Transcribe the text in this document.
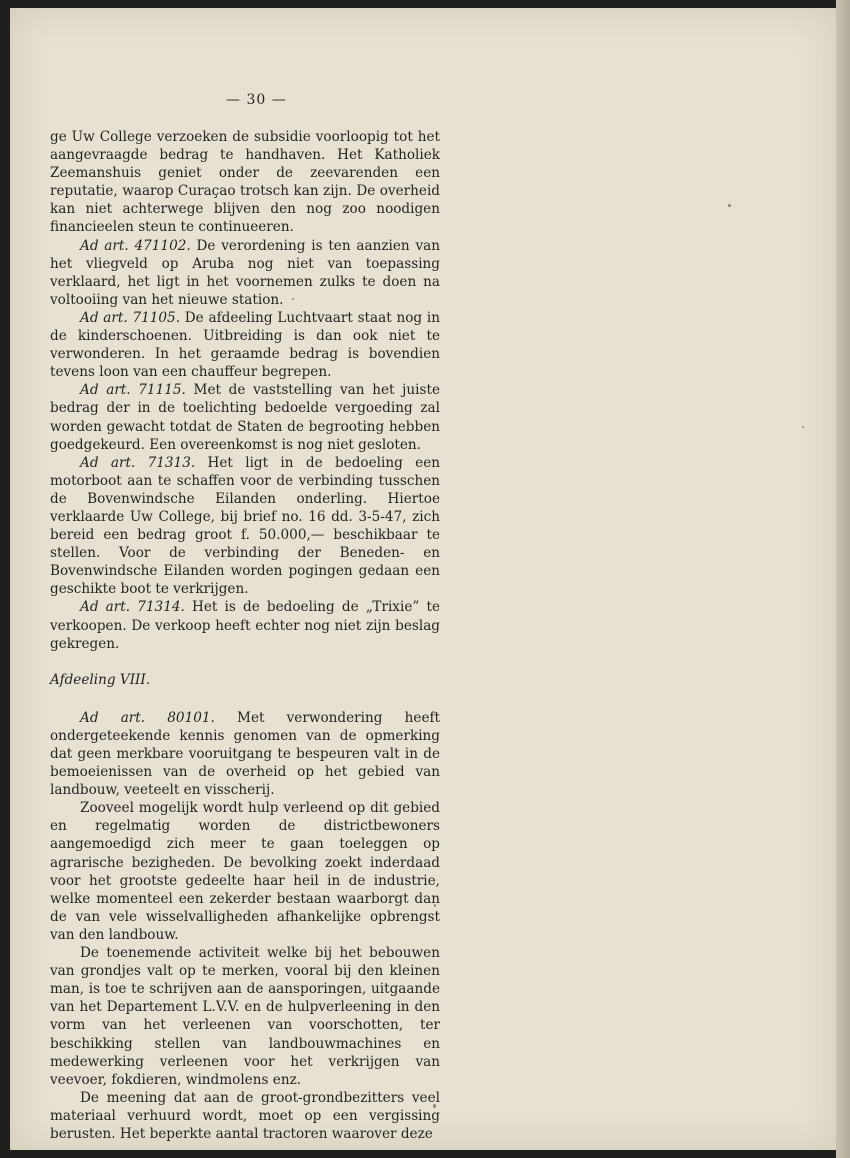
— 30 —

ge Uw College verzoeken de subsidie voorloopig tot het aangevraagde bedrag te handhaven. Het Katholiek Zeemanshuis geniet onder de zeevarenden een reputatie, waarop Curaçao trotsch kan zijn. De overheid kan niet achterwege blijven den nog zoo noodigen financieelen steun te continueeren.

Ad art. 471102. De verordening is ten aanzien van het vliegveld op Aruba nog niet van toepassing verklaard, het ligt in het voornemen zulks te doen na voltooiing van het nieuwe station.

Ad art. 71105. De afdeeling Luchtvaart staat nog in de kinderschoenen. Uitbreiding is dan ook niet te verwonderen. In het geraamde bedrag is bovendien tevens loon van een chauffeur begrepen.

Ad art. 71115. Met de vaststelling van het juiste bedrag der in de toelichting bedoelde vergoeding zal worden gewacht totdat de Staten de begrooting hebben goedgekeurd. Een overeenkomst is nog niet gesloten.

Ad art. 71313. Het ligt in de bedoeling een motorboot aan te schaffen voor de verbinding tusschen de Bovenwindsche Eilanden onderling. Hiertoe verklaarde Uw College, bij brief no. 16 dd. 3-5-47, zich bereid een bedrag groot f. 50.000,— beschikbaar te stellen. Voor de verbinding der Beneden- en Bovenwindsche Eilanden worden pogingen gedaan een geschikte boot te verkrijgen.

Ad art. 71314. Het is de bedoeling de „Trixie” te verkoopen. De verkoop heeft echter nog niet zijn beslag gekregen.

Afdeeling VIII.

Ad art. 80101. Met verwondering heeft ondergeteekende kennis genomen van de opmerking dat geen merkbare vooruitgang te bespeuren valt in de bemoeienissen van de overheid op het gebied van landbouw, veeteelt en visscherij.

Zooveel mogelijk wordt hulp verleend op dit gebied en regelmatig worden de districtbewoners aangemoedigd zich meer te gaan toeleggen op agrarische bezigheden. De bevolking zoekt inderdaad voor het grootste gedeelte haar heil in de industrie, welke momenteel een zekerder bestaan waarborgt dan de van vele wisselvalligheden afhankelijke opbrengst van den landbouw.

De toenemende activiteit welke bij het bebouwen van grondjes valt op te merken, vooral bij den kleinen man, is toe te schrijven aan de aansporingen, uitgaande van het Departement L.V.V. en de hulpverleening in den vorm van het verleenen van voorschotten, ter beschikking stellen van landbouwmachines en medewerking verleenen voor het verkrijgen van veevoer, fokdieren, windmolens enz.

De meening dat aan de groot-grondbezitters veel materiaal verhuurd wordt, moet op een vergissing berusten. Het beperkte aantal tractoren waarover deze
